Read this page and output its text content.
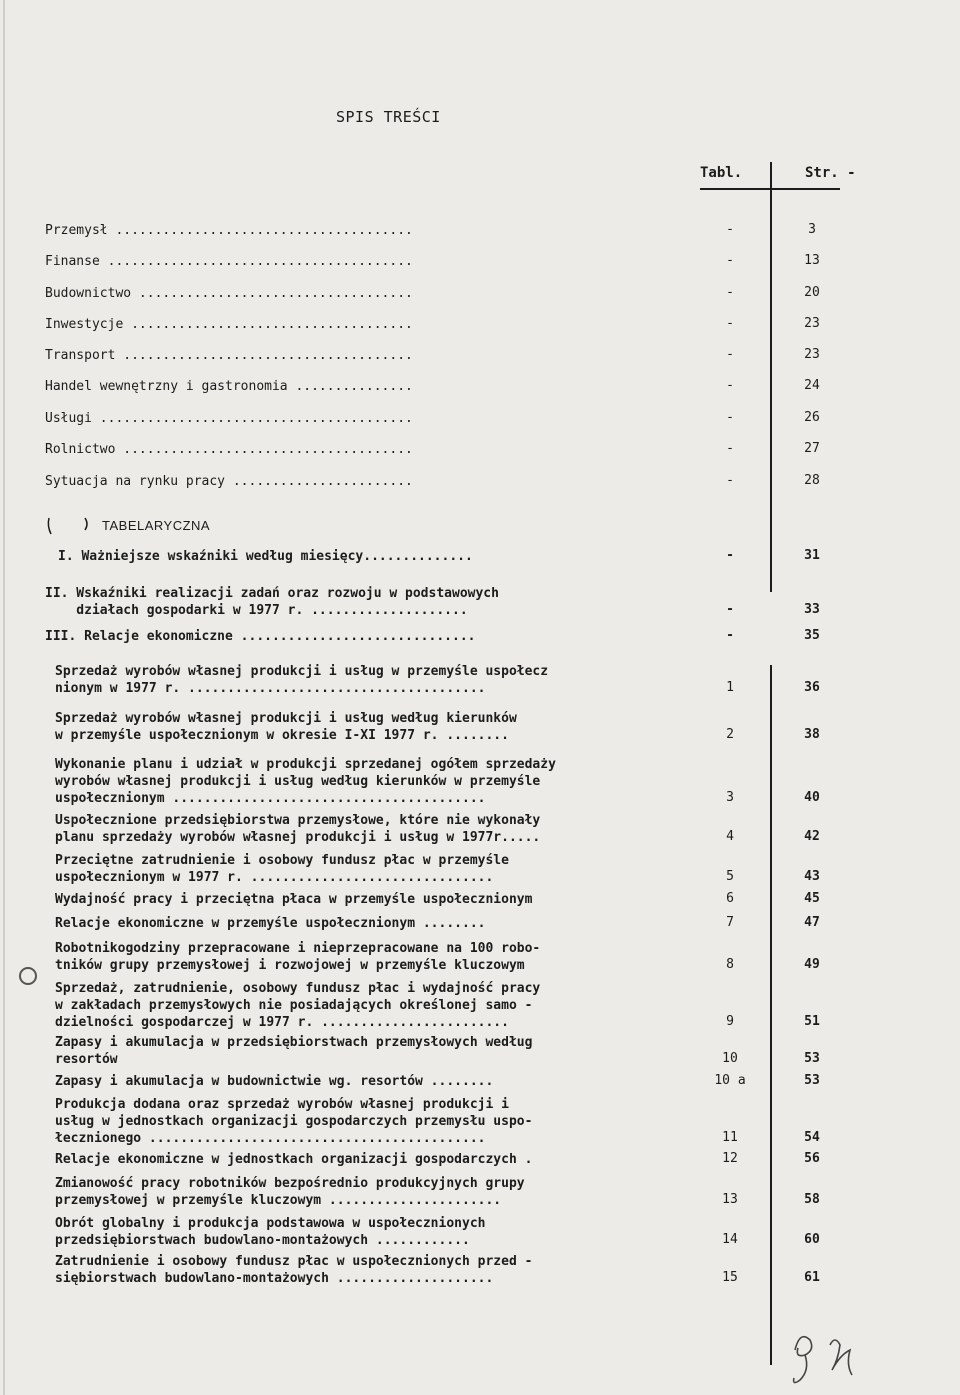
SPIS TREŚCI
Tabl.	Str. -
Przemysł ......................................	-	3
Finanse .......................................	-	13
Budownictwo ...................................	-	20
Inwestycje ....................................	-	23
Transport .....................................	-	23
Handel wewnętrzny i gastronomia ...............	-	24
Usługi ........................................	-	26
Rolnictwo .....................................	-	27
Sytuacja na rynku pracy .......................	-	28
TABELARYCZNA
I. Ważniejsze wskaźniki według miesięcy..............	-	31
II. Wskaźniki realizacji zadań oraz rozwoju w podstawowych
działach gospodarki w 1977 r. ....................	-	33
III. Relacje ekonomiczne ..............................	-	35
Sprzedaż wyrobów własnej produkcji i usług w przemyśle uspołecz
nionym w 1977 r. ......................................	1	36
Sprzedaż wyrobów własnej produkcji i usług według kierunków
w przemyśle uspołecznionym w okresie I-XI 1977 r. ........	2	38
Wykonanie planu i udział w produkcji sprzedanej ogółem sprzedaży
wyrobów własnej produkcji i usług według kierunków w przemyśle
uspołecznionym ........................................	3	40
Uspołecznione przedsiębiorstwa przemysłowe, które nie wykonały
planu sprzedaży wyrobów własnej produkcji i usług w 1977r.....	4	42
Przeciętne zatrudnienie i osobowy fundusz płac w przemyśle
uspołecznionym w 1977 r. ...............................	5	43
Wydajność pracy i przeciętna płaca w przemyśle uspołecznionym	6	45
Relacje ekonomiczne w przemyśle uspołecznionym ........	7	47
Robotnikogodziny przepracowane i nieprzepracowane na 100 robo-
tników grupy przemysłowej i rozwojowej w przemyśle kluczowym	8	49
Sprzedaż, zatrudnienie, osobowy fundusz płac i wydajność pracy
w zakładach przemysłowych nie posiadających określonej samo -
dzielności gospodarczej w 1977 r. ........................	9	51
Zapasy i akumulacja w przedsiębiorstwach przemysłowych według
resortów	10	53
Zapasy i akumulacja w budownictwie wg. resortów ........	10 a	53
Produkcja dodana oraz sprzedaż wyrobów własnej produkcji i
usług w jednostkach organizacji gospodarczych przemysłu uspo-
łecznionego ...........................................	11	54
Relacje ekonomiczne w jednostkach organizacji gospodarczych .	12	56
Zmianowość pracy robotników bezpośrednio produkcyjnych grupy
przemysłowej w przemyśle kluczowym ......................	13	58
Obrót globalny i produkcja podstawowa w uspołecznionych
przedsiębiorstwach budowlano-montażowych ............	14	60
Zatrudnienie i osobowy fundusz płac w uspołecznionych przed -
siębiorstwach budowlano-montażowych ....................	15	61
